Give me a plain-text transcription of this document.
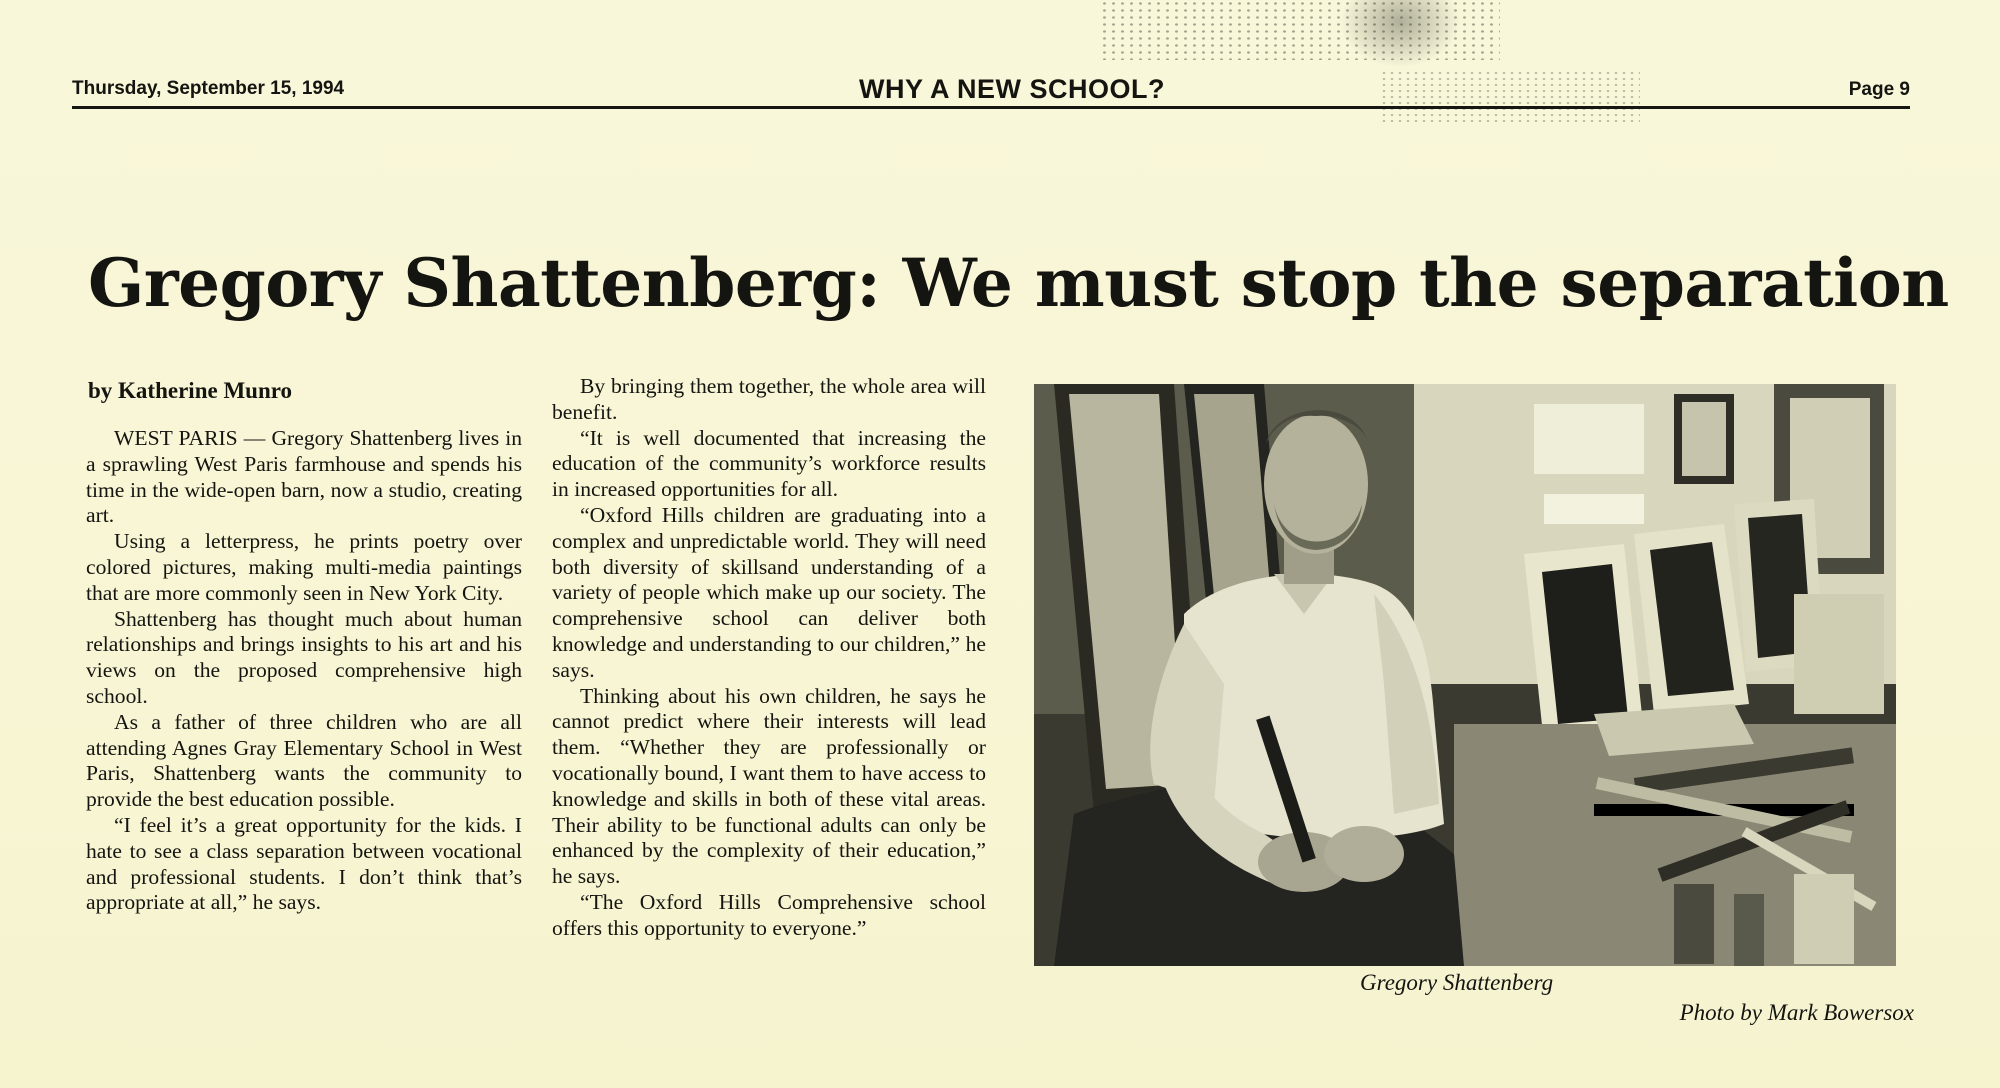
Thursday, September 15, 1994	WHY A NEW SCHOOL?	Page 9
Gregory Shattenberg: We must stop the separation
by Katherine Munro

WEST PARIS — Gregory Shattenberg lives in a sprawling West Paris farmhouse and spends his time in the wide-open barn, now a studio, creating art.

Using a letterpress, he prints poetry over colored pictures, making multi-media paintings that are more commonly seen in New York City.

Shattenberg has thought much about human relationships and brings insights to his art and his views on the proposed comprehensive high school.

As a father of three children who are all attending Agnes Gray Elementary School in West Paris, Shattenberg wants the community to provide the best education possible.

“I feel it’s a great opportunity for the kids. I hate to see a class separation between vocational and professional students. I don’t think that’s appropriate at all,” he says.

By bringing them together, the whole area will benefit.

“It is well documented that increasing the education of the community’s workforce results in increased opportunities for all.

“Oxford Hills children are graduating into a complex and unpredictable world. They will need both diversity of skillsand understanding of a variety of people which make up our society. The comprehensive school can deliver both knowledge and understanding to our children,” he says.

Thinking about his own children, he says he cannot predict where their interests will lead them. “Whether they are professionally or vocationally bound, I want them to have access to knowledge and skills in both of these vital areas. Their ability to be functional adults can only be enhanced by the complexity of their education,” he says.

“The Oxford Hills Comprehensive school offers this opportunity to everyone.”

Gregory Shattenberg
Photo by Mark Bowersox
